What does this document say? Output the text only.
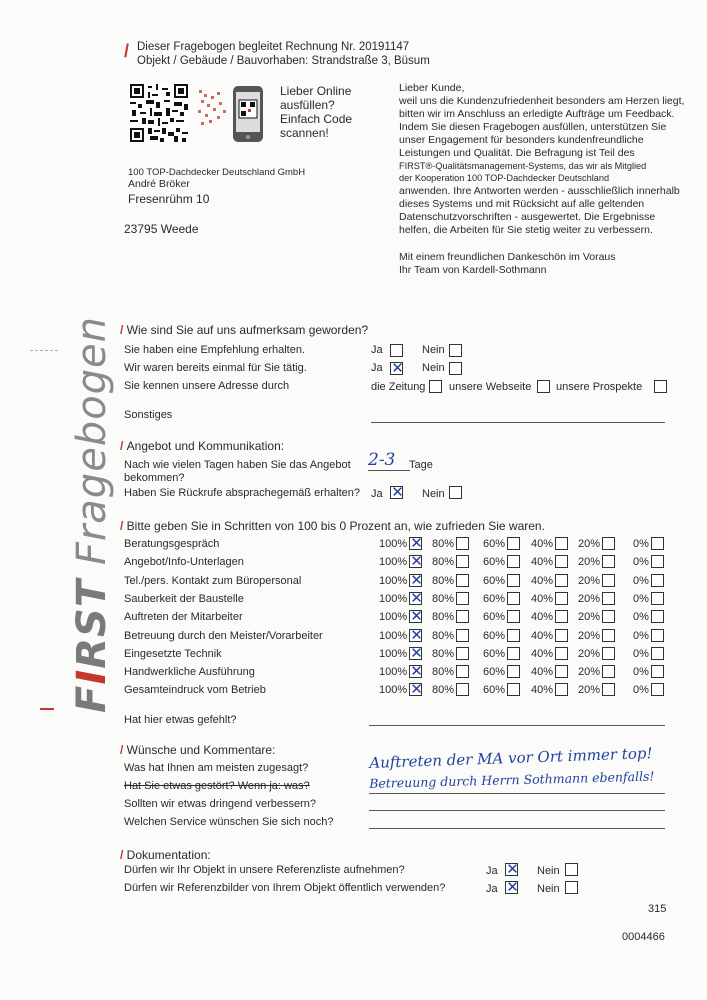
/ Dieser Fragebogen begleitet Rechnung Nr. 20191147
Objekt / Gebäude / Bauvorhaben: Strandstraße 3, Büsum
Lieber Online
ausfüllen?
Einfach Code
scannen!
100 TOP-Dachdecker Deutschland GmbH
André Bröker
Fresenrühm 10
23795 Weede
Lieber Kunde,
weil uns die Kundenzufriedenheit besonders am Herzen liegt,
bitten wir im Anschluss an erledigte Aufträge um Feedback.
Indem Sie diesen Fragebogen ausfüllen, unterstützen Sie
unser Engagement für besonders kundenfreundliche
Leistungen und Qualität. Die Befragung ist Teil des
FIRST®-Qualitätsmanagement-Systems, das wir als Mitglied
der Kooperation 100 TOP-Dachdecker Deutschland
anwenden. Ihre Antworten werden - ausschließlich innerhalb
dieses Systems und mit Rücksicht auf alle geltenden
Datenschutzvorschriften - ausgewertet. Die Ergebnisse
helfen, die Arbeiten für Sie stetig weiter zu verbessern.
Mit einem freundlichen Dankeschön im Voraus
Ihr Team von Kardell-Sothmann
FIRST Fragebogen / Wie sind Sie auf uns aufmerksam geworden?
Sie haben eine Empfehlung erhalten.	Ja	Nein
Wir waren bereits einmal für Sie tätig.	Ja ✕ Nein
Sie kennen unsere Adresse durch	die Zeitung unsere Webseite unsere Prospekte
Sonstiges
/ Angebot und Kommunikation:
Nach wie vielen Tagen haben Sie das Angebot
bekommen?
2-3 Tage
Haben Sie Rückrufe absprachegemäß erhalten? Ja ✕ Nein
/ Bitte geben Sie in Schritten von 100 bis 0 Prozent an, wie zufrieden Sie waren.
Beratungsgespräch	100% ✕ 80%	60% 40% 20%	0%
Angebot/Info-Unterlagen	100% ✕ 80%	60% 40% 20%	0%
Tel./pers. Kontakt zum Büropersonal	100% ✕ 80%	60% 40% 20%	0%
Sauberkeit der Baustelle	100% ✕ 80%	60% 40% 20%	0%
Auftreten der Mitarbeiter	100% ✕ 80%	60% 40% 20%	0%
Betreuung durch den Meister/Vorarbeiter	100% ✕ 80%	60% 40% 20%	0%
Eingesetzte Technik	100% ✕ 80%	60% 40% 20%	0%
Handwerkliche Ausführung	100% ✕ 80%	60% 40% 20%	0%
Gesamteindruck vom Betrieb	100% ✕ 80%	60% 40% 20%	0%
Hat hier etwas gefehlt?
/ Wünsche und Kommentare:
Was hat Ihnen am meisten zugesagt?
Hat Sie etwas gestört? Wenn ja: was?
Sollten wir etwas dringend verbessern?
Welchen Service wünschen Sie sich noch?
Auftreten der MA vor Ort immer top!
Betreuung durch Herrn Sothmann ebenfalls!
/ Dokumentation:
Dürfen wir Ihr Objekt in unsere Referenzliste aufnehmen?	Ja ✕ Nein
Dürfen wir Referenzbilder von Ihrem Objekt öffentlich verwenden?	Ja ✕ Nein
315
0004466
